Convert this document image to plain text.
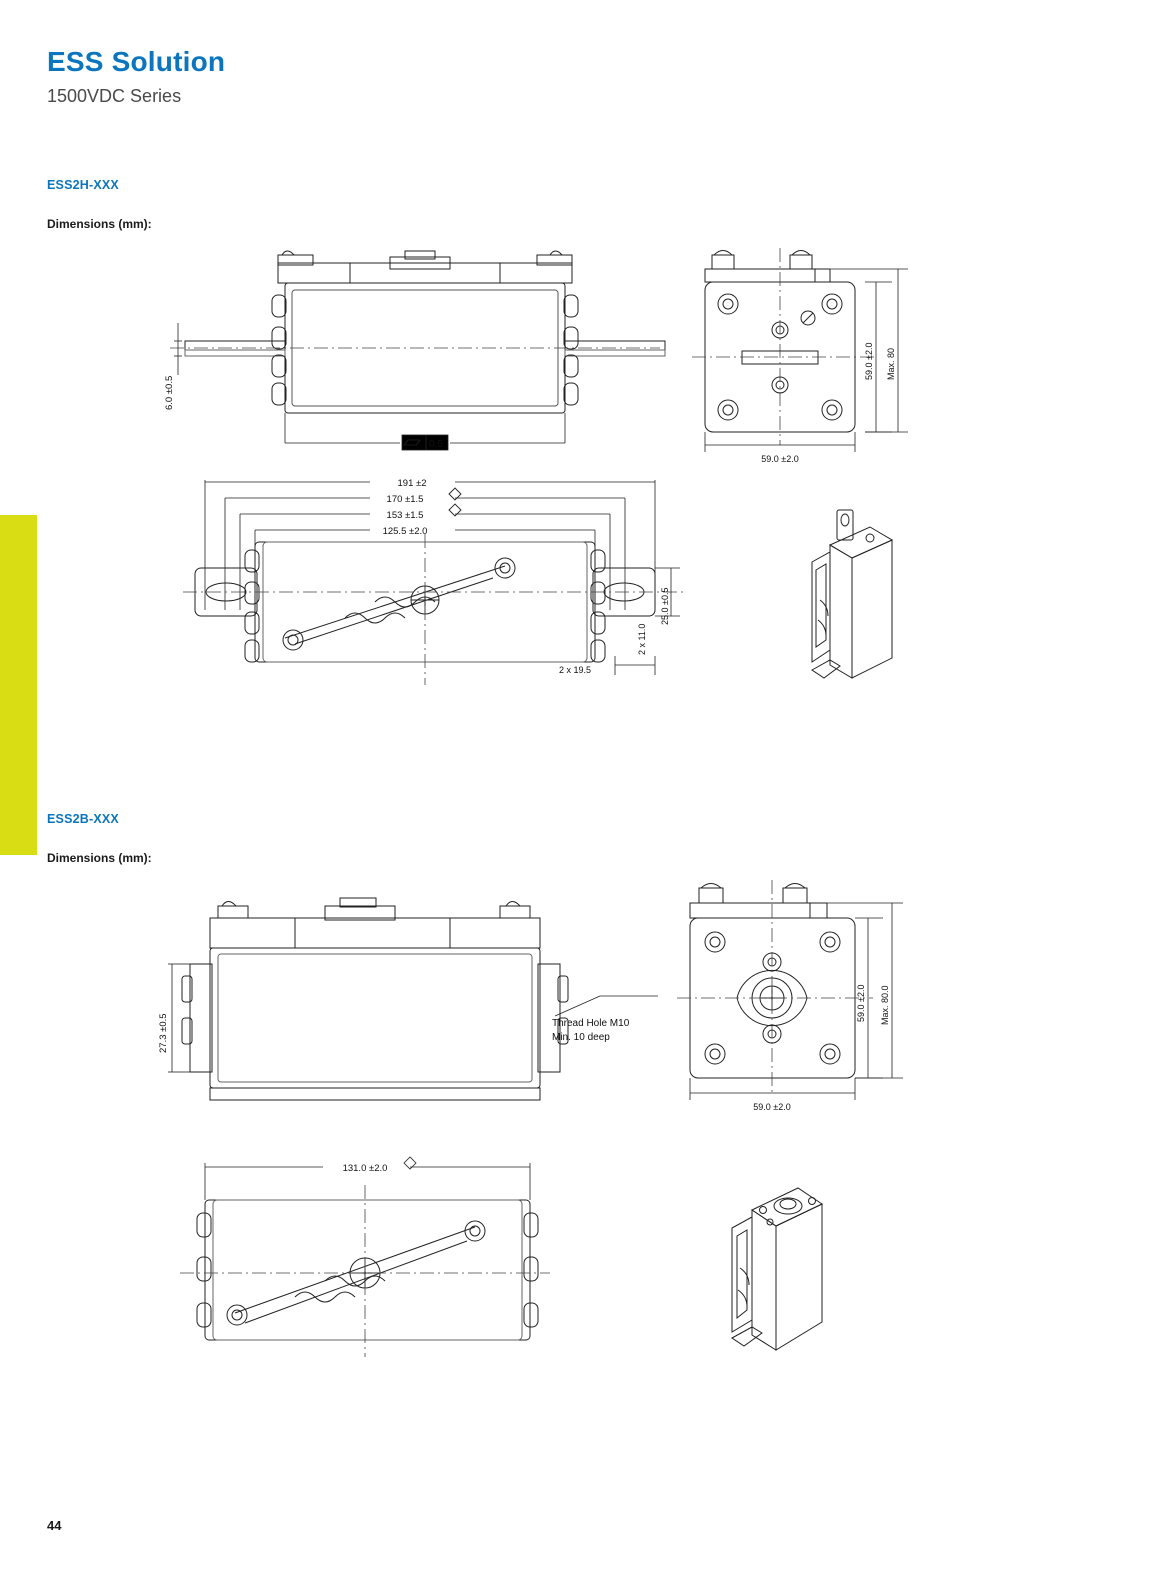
ESS Solution
1500VDC Series
ESS2H-XXX
Dimensions (mm):
6.0 ±0.5
0.5
59.0 ±2.0 Max. 80
59.0 ±2.0
191 ±2
170 ±1.5
153 ±1.5
125.5 ±2.0
25.0 ±0.5
2 x 11.0
2 x 19.5
ESS2B-XXX
Dimensions (mm):
27.3 ±0.5	Thread Hole M10
Min. 10 deep
59.0 ±2.0 Max. 80.0
59.0 ±2.0
131.0 ±2.0
44
